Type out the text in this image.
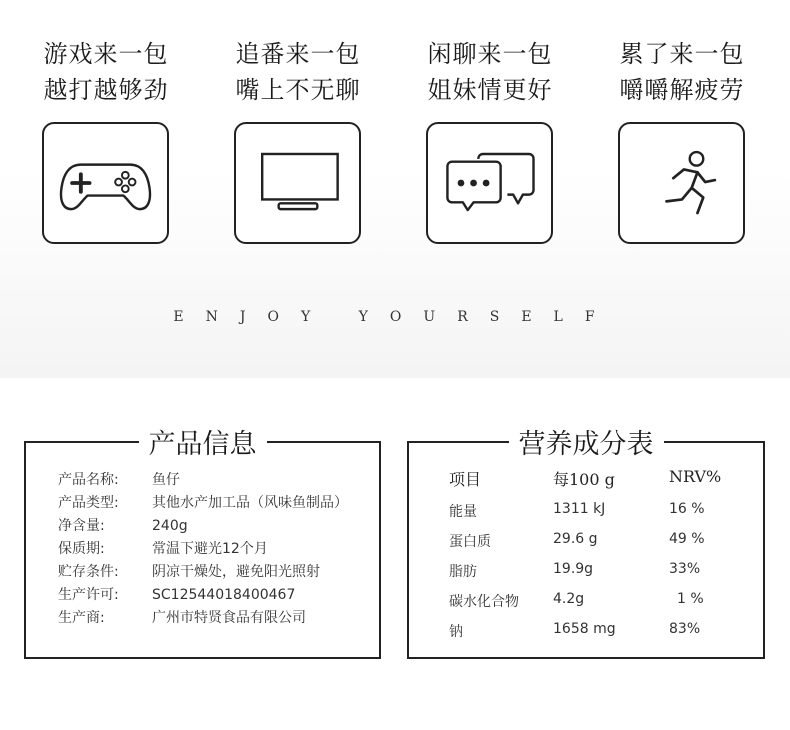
游戏来一包
越打越够劲
追番来一包
嘴上不无聊
闲聊来一包
姐妹情更好
累了来一包
嚼嚼解疲劳
ENJOY YOURSELF
产品信息
产品名称: 鱼仔
产品类型: 其他水产加工品（风味鱼制品）
净含量:	240g
保质期:	常温下避光12个月
贮存条件: 阴凉干燥处，避免阳光照射
生产许可: SC12544018400467
生产商:	广州市特贤食品有限公司
营养成分表
项目	每100 g	NRV%
能量	1311 kJ	16 %
蛋白质	29.6 g	49 %
脂肪	19.9g	33%
碳水化合物 4.2g	1 %
钠	1658 mg	83%
